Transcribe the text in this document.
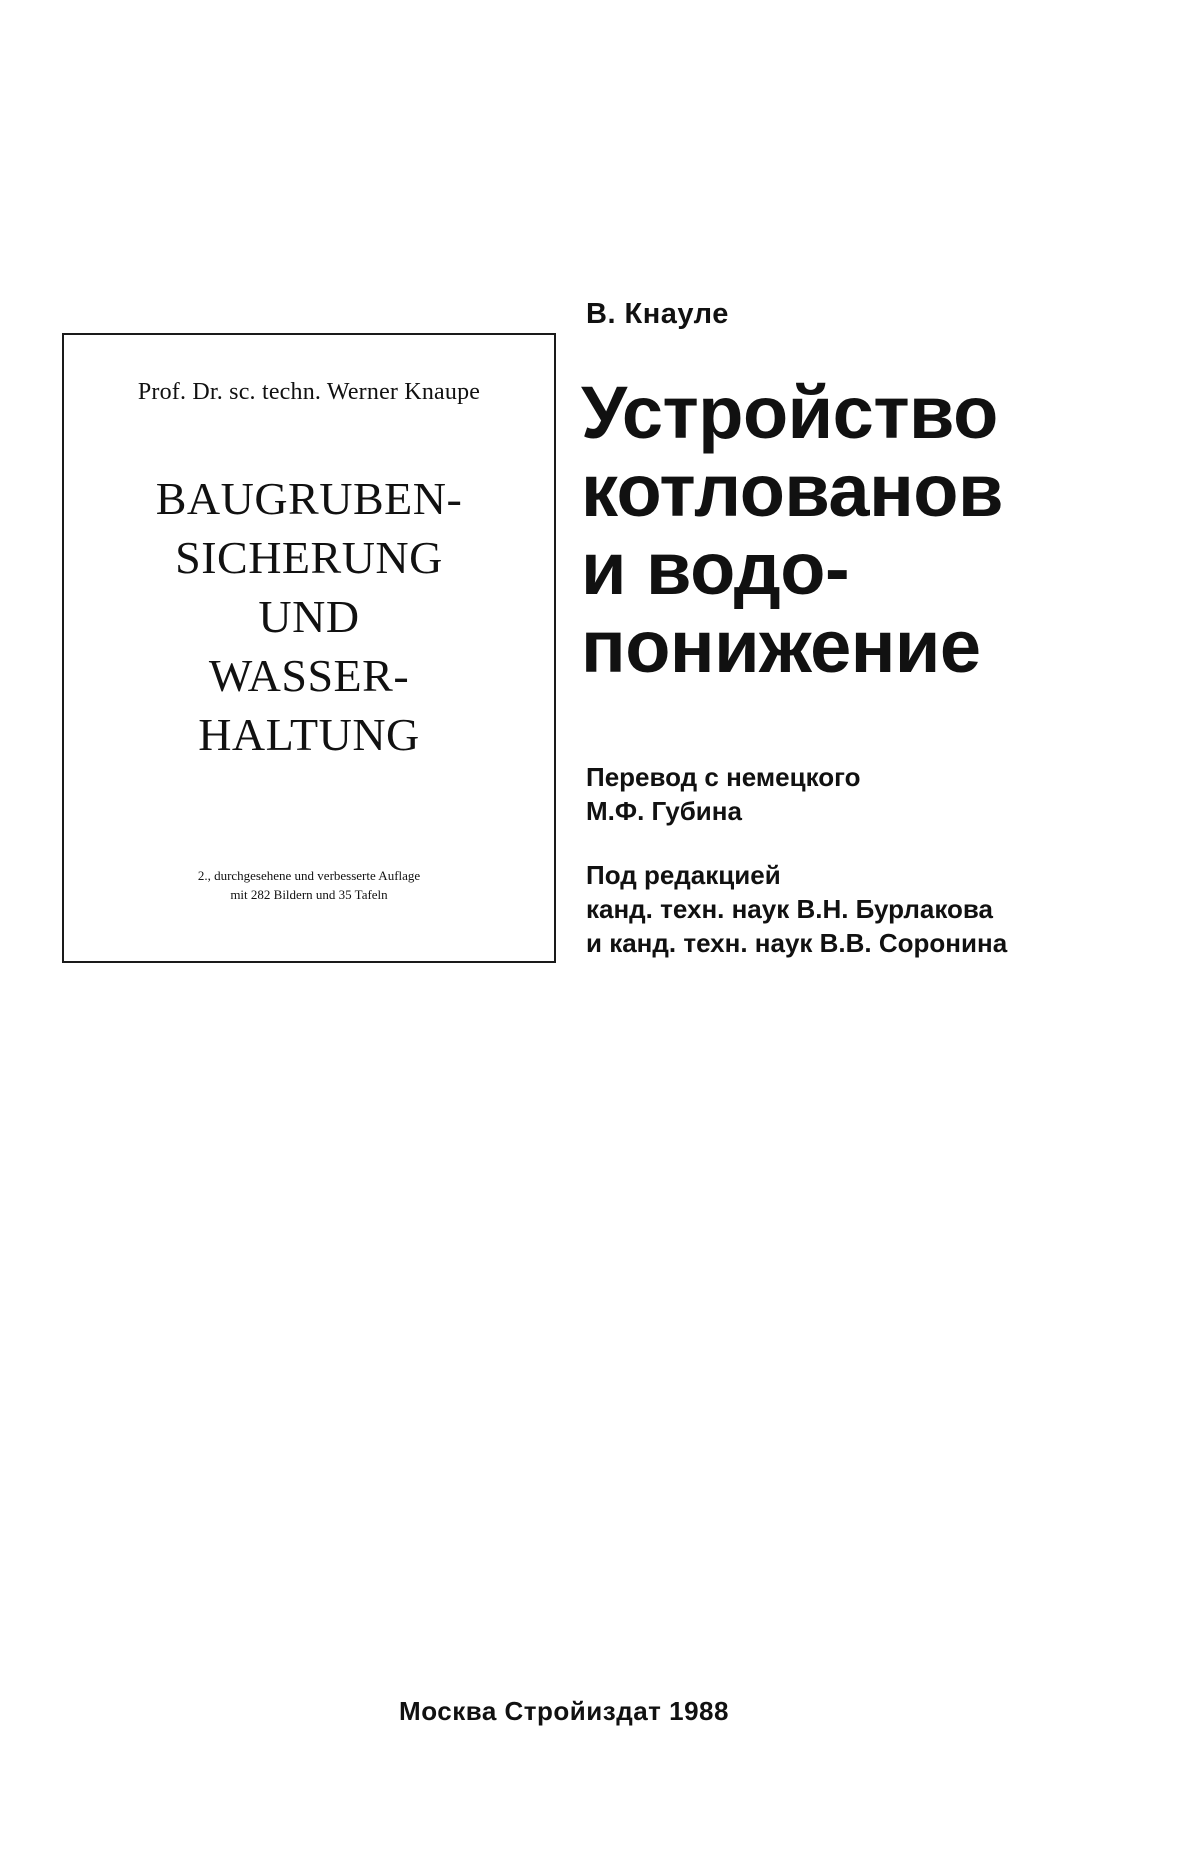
Prof. Dr. sc. techn. Werner Knaupe
BAUGRUBEN-
SICHERUNG
UND
WASSER-
HALTUNG
2., durchgesehene und verbesserte Auflage
mit 282 Bildern und 35 Tafeln
В. Кнауле
Устройство
котлованов
и водо-
понижение
Перевод с немецкого
М.Ф. Губина
Под редакцией
канд. техн. наук В.Н. Бурлакова
и канд. техн. наук В.В. Соронина
Москва Стройиздат 1988
